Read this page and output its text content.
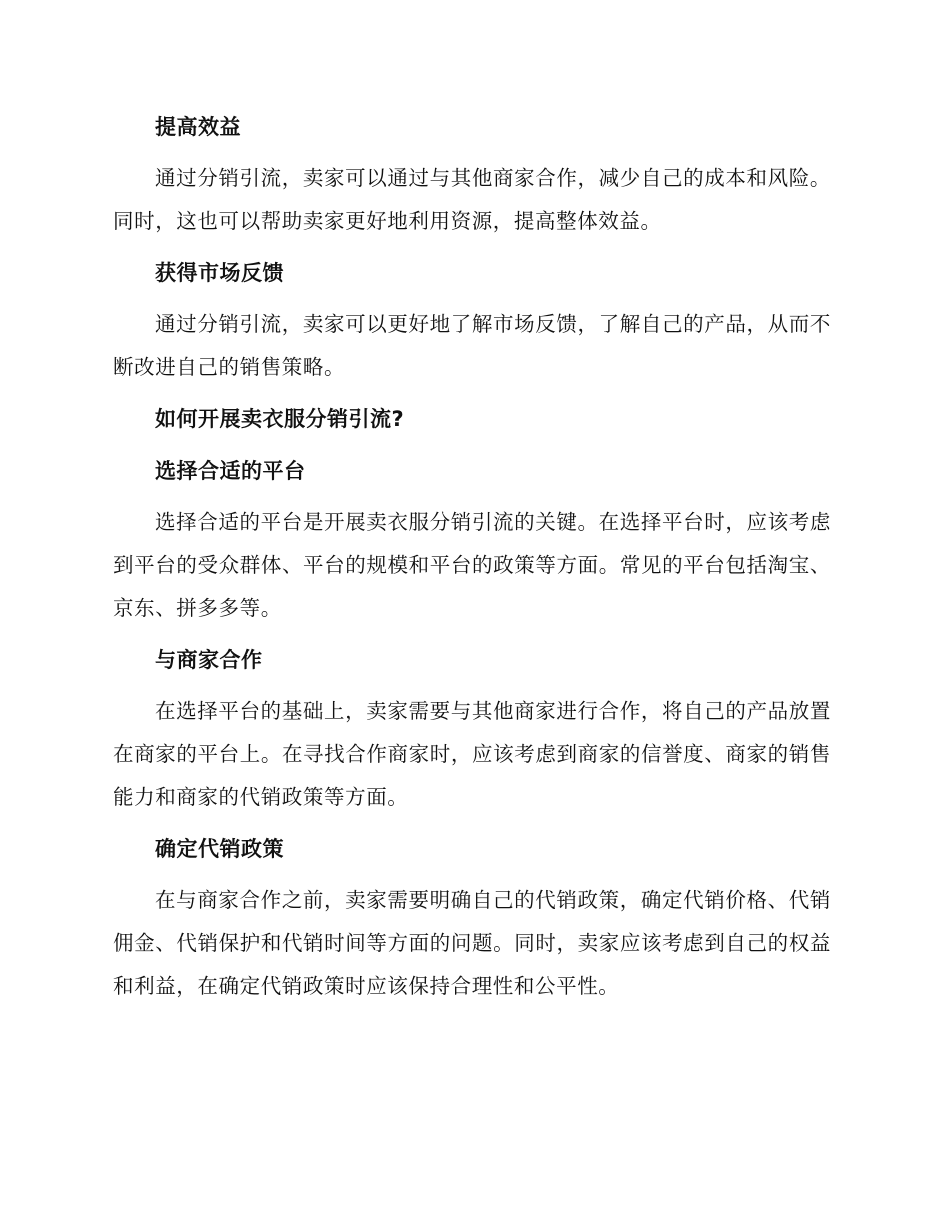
提高效益

通过分销引流，卖家可以通过与其他商家合作，减少自己的成本和风险。同时，这也可以帮助卖家更好地利用资源，提高整体效益。

获得市场反馈

通过分销引流，卖家可以更好地了解市场反馈，了解自己的产品，从而不断改进自己的销售策略。

如何开展卖衣服分销引流?
选择合适的平台

选择合适的平台是开展卖衣服分销引流的关键。在选择平台时，应该考虑到平台的受众群体、平台的规模和平台的政策等方面。常见的平台包括淘宝、京东、拼多多等。

与商家合作

在选择平台的基础上，卖家需要与其他商家进行合作，将自己的产品放置在商家的平台上。在寻找合作商家时，应该考虑到商家的信誉度、商家的销售能力和商家的代销政策等方面。

确定代销政策

在与商家合作之前，卖家需要明确自己的代销政策，确定代销价格、代销佣金、代销保护和代销时间等方面的问题。同时，卖家应该考虑到自己的权益和利益，在确定代销政策时应该保持合理性和公平性。
